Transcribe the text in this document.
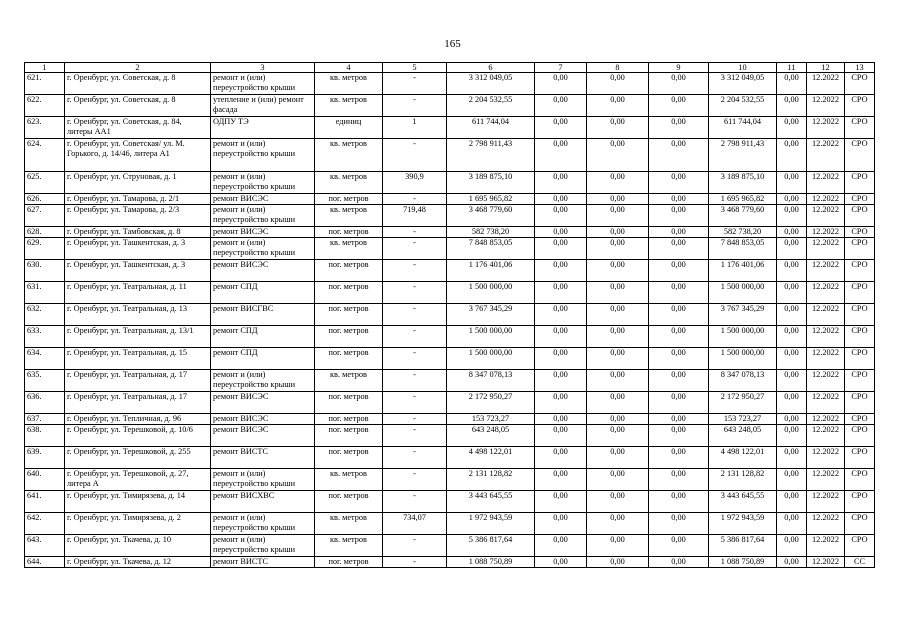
165
1	2	3	4	5	6	7	8	9	10	11	12	13
621.	г. Оренбург, ул. Советская, д. 8	ремонт и (или) переустройство крыши	кв. метров	-	3 312 049,05	0,00	0,00	0,00	3 312 049,05	0,00	12.2022	СРО
622.	г. Оренбург, ул. Советская, д. 8	утепление и (или) ремонт фасада	кв. метров	-	2 204 532,55	0,00	0,00	0,00	2 204 532,55	0,00	12.2022	СРО
623.	г. Оренбург, ул. Советская, д. 84, литеры АА1	ОДПУ ТЭ	единиц	1	611 744,04	0,00	0,00	0,00	611 744,04	0,00	12.2022	СРО
624.	г. Оренбург, ул. Советская/ ул. М. Горького, д. 14/46, литера А1	ремонт и (или) переустройство крыши	кв. метров	-	2 798 911,43	0,00	0,00	0,00	2 798 911,43	0,00	12.2022	СРО
625.	г. Оренбург, ул. Струновая, д. 1	ремонт и (или) переустройство крыши	кв. метров	390,9	3 189 875,10	0,00	0,00	0,00	3 189 875,10	0,00	12.2022	СРО
626.	г. Оренбург, ул. Тамарова, д. 2/1	ремонт ВИСЭС	пог. метров	-	1 695 965,82	0,00	0,00	0,00	1 695 965,82	0,00	12.2022	СРО
627.	г. Оренбург, ул. Тамарова, д. 2/3	ремонт и (или) переустройство крыши	кв. метров	719,48	3 468 779,60	0,00	0,00	0,00	3 468 779,60	0,00	12.2022	СРО
628.	г. Оренбург, ул. Тамбовская, д. 8	ремонт ВИСЭС	пог. метров	-	582 738,20	0,00	0,00	0,00	582 738,20	0,00	12.2022	СРО
629.	г. Оренбург, ул. Ташкентская, д. 3	ремонт и (или) переустройство крыши	кв. метров	-	7 848 853,05	0,00	0,00	0,00	7 848 853,05	0,00	12.2022	СРО
630.	г. Оренбург, ул. Ташкентская, д. 3	ремонт ВИСЭС	пог. метров	-	1 176 401,06	0,00	0,00	0,00	1 176 401,06	0,00	12.2022	СРО
631.	г. Оренбург, ул. Театральная, д. 11	ремонт СПД	пог. метров	-	1 500 000,00	0,00	0,00	0,00	1 500 000,00	0,00	12.2022	СРО
632.	г. Оренбург, ул. Театральная, д. 13	ремонт ВИСГВС	пог. метров	-	3 767 345,29	0,00	0,00	0,00	3 767 345,29	0,00	12.2022	СРО
633.	г. Оренбург, ул. Театральная, д. 13/1	ремонт СПД	пог. метров	-	1 500 000,00	0,00	0,00	0,00	1 500 000,00	0,00	12.2022	СРО
634.	г. Оренбург, ул. Театральная, д. 15	ремонт СПД	пог. метров	-	1 500 000,00	0,00	0,00	0,00	1 500 000,00	0,00	12.2022	СРО
635.	г. Оренбург, ул. Театральная, д. 17	ремонт и (или) переустройство крыши	кв. метров	-	8 347 078,13	0,00	0,00	0,00	8 347 078,13	0,00	12.2022	СРО
636.	г. Оренбург, ул. Театральная, д. 17	ремонт ВИСЭС	пог. метров	-	2 172 950,27	0,00	0,00	0,00	2 172 950,27	0,00	12.2022	СРО
637.	г. Оренбург, ул. Тепличная, д. 96	ремонт ВИСЭС	пог. метров	-	153 723,27	0,00	0,00	0,00	153 723,27	0,00	12.2022	СРО
638.	г. Оренбург, ул. Терешковой, д. 10/6	ремонт ВИСЭС	пог. метров	-	643 248,05	0,00	0,00	0,00	643 248,05	0,00	12.2022	СРО
639.	г. Оренбург, ул. Терешковой, д. 255	ремонт ВИСТС	пог. метров	-	4 498 122,01	0,00	0,00	0,00	4 498 122,01	0,00	12.2022	СРО
640.	г. Оренбург, ул. Терешковой, д. 27, литера А	ремонт и (или) переустройство крыши	кв. метров	-	2 131 128,82	0,00	0,00	0,00	2 131 128,82	0,00	12.2022	СРО
641.	г. Оренбург, ул. Тимирязева, д. 14	ремонт ВИСХВС	пог. метров	-	3 443 645,55	0,00	0,00	0,00	3 443 645,55	0,00	12.2022	СРО
642.	г. Оренбург, ул. Тимирязева, д. 2	ремонт и (или) переустройство крыши	кв. метров	734,07	1 972 943,59	0,00	0,00	0,00	1 972 943,59	0,00	12.2022	СРО
643.	г. Оренбург, ул. Ткачева, д. 10	ремонт и (или) переустройство крыши	кв. метров	-	5 386 817,64	0,00	0,00	0,00	5 386 817,64	0,00	12.2022	СРО
644.	г. Оренбург, ул. Ткачева, д. 12	ремонт ВИСТС	пог. метров	-	1 088 750,89	0,00	0,00	0,00	1 088 750,89	0,00	12.2022	СС
